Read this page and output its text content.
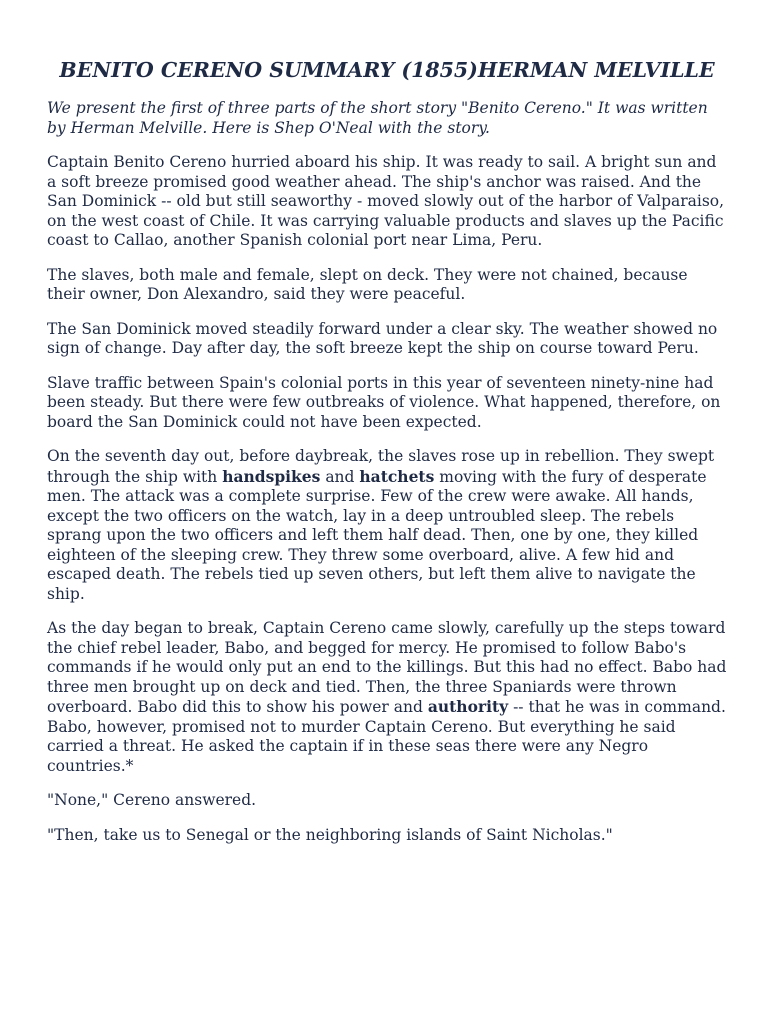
BENITO CERENO SUMMARY (1855)HERMAN MELVILLE

We present the first of three parts of the short story "Benito Cereno." It was written by Herman Melville. Here is Shep O'Neal with the story.

Captain Benito Cereno hurried aboard his ship. It was ready to sail. A bright sun and a soft breeze promised good weather ahead. The ship's anchor was raised. And the San Dominick -- old but still seaworthy - moved slowly out of the harbor of Valparaiso, on the west coast of Chile. It was carrying valuable products and slaves up the Pacific coast to Callao, another Spanish colonial port near Lima, Peru.

The slaves, both male and female, slept on deck. They were not chained, because their owner, Don Alexandro, said they were peaceful.

The San Dominick moved steadily forward under a clear sky. The weather showed no sign of change. Day after day, the soft breeze kept the ship on course toward Peru.

Slave traffic between Spain's colonial ports in this year of seventeen ninety-nine had been steady. But there were few outbreaks of violence. What happened, therefore, on board the San Dominick could not have been expected.

On the seventh day out, before daybreak, the slaves rose up in rebellion. They swept through the ship with handspikes and hatchets moving with the fury of desperate men. The attack was a complete surprise. Few of the crew were awake. All hands, except the two officers on the watch, lay in a deep untroubled sleep. The rebels sprang upon the two officers and left them half dead. Then, one by one, they killed eighteen of the sleeping crew. They threw some overboard, alive. A few hid and escaped death. The rebels tied up seven others, but left them alive to navigate the ship.

As the day began to break, Captain Cereno came slowly, carefully up the steps toward the chief rebel leader, Babo, and begged for mercy. He promised to follow Babo's commands if he would only put an end to the killings. But this had no effect. Babo had three men brought up on deck and tied. Then, the three Spaniards were thrown overboard. Babo did this to show his power and authority -- that he was in command. Babo, however, promised not to murder Captain Cereno. But everything he said carried a threat. He asked the captain if in these seas there were any Negro countries.*

"None," Cereno answered.

"Then, take us to Senegal or the neighboring islands of Saint Nicholas."
